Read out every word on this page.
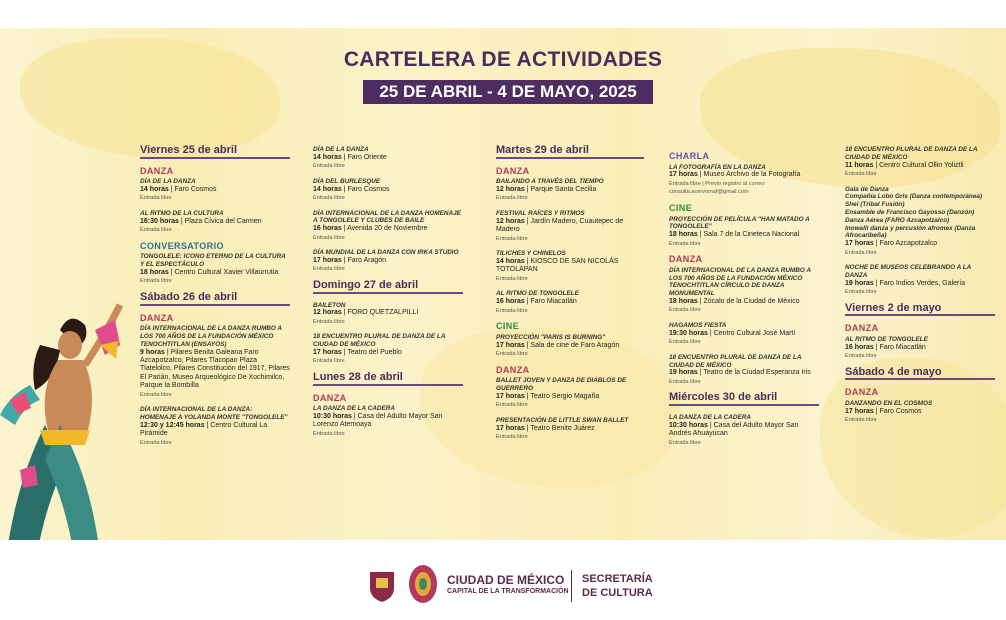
CARTELERA DE ACTIVIDADES
25 DE ABRIL - 4 DE MAYO, 2025
Viernes 25 de abril
DANZA
DÍA DE LA DANZA
14 horas | Faro Cosmos
Entrada libre
AL RITMO DE LA CULTURA
16:30 horas | Plaza Cívica del Carmen
Entrada libre
CONVERSATORIO
TONGOLELE: ICONO ETERNO DE LA CULTURA Y EL ESPECTÁCULO
18 horas | Centro Cultural Xavier Villaurrutia
Entrada libre
Sábado 26 de abril
DANZA
DÍA INTERNACIONAL DE LA DANZA RUMBO A LOS 700 AÑOS DE LA FUNDACIÓN MÉXICO TENOCHTITLAN (ENSAYOS)
9 horas | Pilares Benita Galeana Faro Azcapotzalco, Pilares Tlacopan Plaza Tlatelolco, Pilares Constitución del 1917, Pilares El Parián, Museo Arqueológico De Xochimilco, Parque la Bombilla
Entrada libre
DÍA INTERNACIONAL DE LA DANZA: HOMENAJE A YOLANDA MONTE "TONGOLELE"
12:30 y 12:45 horas | Centro Cultural La Pirámide
Entrada libre
DÍA DE LA DANZA
14 horas | Faro Oriente
Entrada libre
DÍA DEL BURLESQUE
14 horas | Faro Cosmos
Entrada libre
DÍA INTERNACIONAL DE LA DANZA HOMENAJE A TONGOLELE Y CLUBES DE BAILE
16 horas | Avenida 20 de Noviembre
Entrada libre
DÍA MUNDIAL DE LA DANZA CON IRKA STUDIO
17 horas | Faro Aragón
Entrada libre
Domingo 27 de abril
BAILETON
12 horas | FORO QUETZALPILLI
Entrada libre
18 ENCUENTRO PLURAL DE DANZA DE LA CIUDAD DE MÉXICO
17 horas | Teatro del Pueblo
Entrada libre
Lunes 28 de abril
DANZA
LA DANZA DE LA CADERA
10:30 horas | Casa del Adulto Mayor San Lorenzo Atemoaya
Entrada libre
Martes 29 de abril
DANZA
BAILANDO A TRAVÉS DEL TIEMPO
12 horas | Parque Santa Cecilia
Entrada libre
FESTIVAL RAÍCES Y RITMOS
12 horas | Jardín Madero, Cuautepec de Madero
Entrada libre
TILICHES Y CHINELOS
14 horas | KIOSCO DE SAN NICOLÁS TOTOLAPAN
Entrada libre
AL RITMO DE TONGOLELE
16 horas | Faro Miacatlán
Entrada libre
CINE
PROYECCIÓN "PARIS IS BURNING"
17 horas | Sala de cine de Faro Aragón
Entrada libre
DANZA
BALLET JOVEN Y DANZA DE DIABLOS DE GUERRERO
17 horas | Teatro Sergio Magaña
Entrada libre
PRESENTACIÓN DE LITTLE SWAN BALLET
17 horas | Teatro Benito Juárez
Entrada libre
CHARLA
LA FOTOGRAFÍA EN LA DANZA
17 horas | Museo Archivo de la Fotografía
Entrada libre | Previo registro al correo consulta.acervomaf@gmail.com
CINE
PROYECCIÓN DE PELÍCULA "HAN MATADO A TONGOLELE"
18 horas | Sala 7 de la Cineteca Nacional
Entrada libre
DANZA
DÍA INTERNACIONAL DE LA DANZA RUMBO A LOS 700 AÑOS DE LA FUNDACIÓN MÉXICO TENOCHTITLAN CÍRCULO DE DANZA MONUMENTAL
18 horas | Zócalo de la Ciudad de México
Entrada libre
HAGAMOS FIESTA
19:30 horas | Centro Cultural José Martí
Entrada libre
18 ENCUENTRO PLURAL DE DANZA DE LA CIUDAD DE MÉXICO
19 horas | Teatro de la Ciudad Esperanza Iris
Entrada libre
Miércoles 30 de abril
LA DANZA DE LA CADERA
10:30 horas | Casa del Adulto Mayor San Andrés Ahuayucan
Entrada libre
18 ENCUENTRO PLURAL DE DANZA DE LA CIUDAD DE MÉXICO
11 horas | Centro Cultural Ollin Yoliztli
Entrada libre
Gala de Danza
Compañía Lobo Gris (Danza contemporánea)
Shei (Tribal Fusión)
Ensamble de Francisco Gayosso (Danzón)
Danza Aérea (FARO Azcapotzalco)
Inowalli danza y percusión afromex (Danza Afrocaribeña)
17 horas | Faro Azcapotzalco
Entrada libre
NOCHE DE MUSEOS CELEBRANDO A LA DANZA
19 horas | Faro Indios Verdes, Galería
Entrada libre
Viernes 2 de mayo
DANZA
AL RITMO DE TONGOLELE
16 horas | Faro Miacatlán
Entrada libre
Sábado 4 de mayo
DANZA
DANZANDO EN EL COSMOS
17 horas | Faro Cosmos
Entrada libre
CIUDAD DE MÉXICO
CAPITAL DE LA TRANSFORMACIÓN
SECRETARÍA
DE CULTURA
